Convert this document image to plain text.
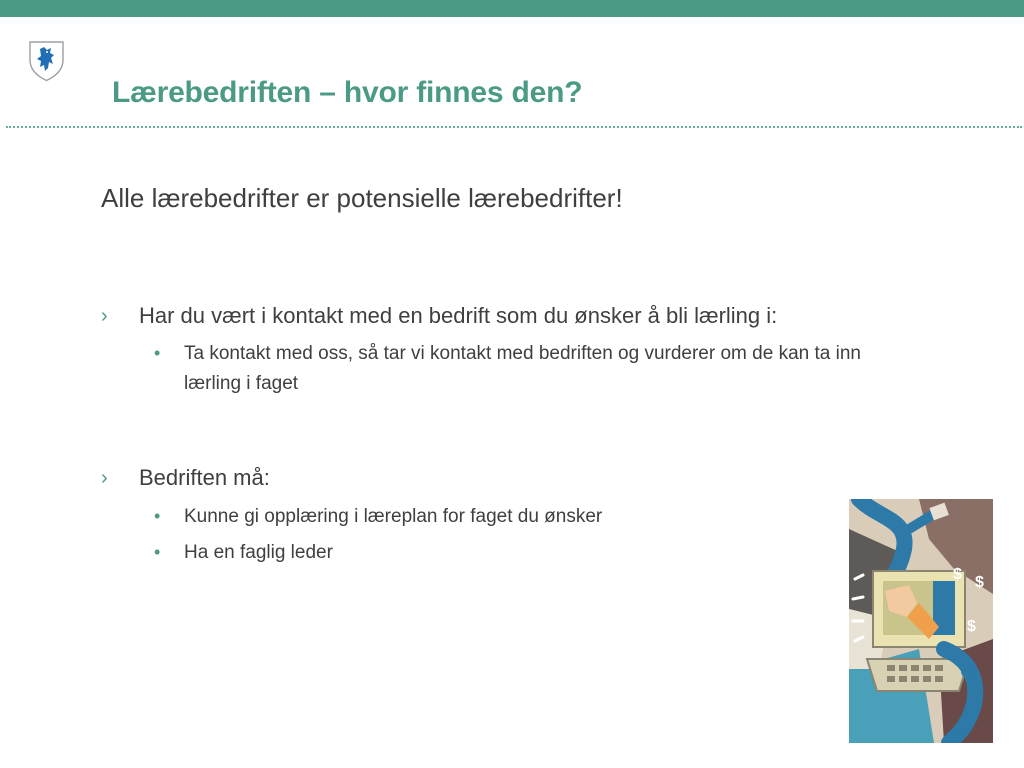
Lærebedriften – hvor finnes den?

Alle lærebedrifter er potensielle lærebedrifter!

› Har du vært i kontakt med en bedrift som du ønsker å bli lærling i:
• Ta kontakt med oss, så tar vi kontakt med bedriften og vurderer om de kan ta inn lærling i faget
› Bedriften må:
• Kunne gi opplæring i læreplan for faget du ønsker
• Ha en faglig leder
$
$
$
